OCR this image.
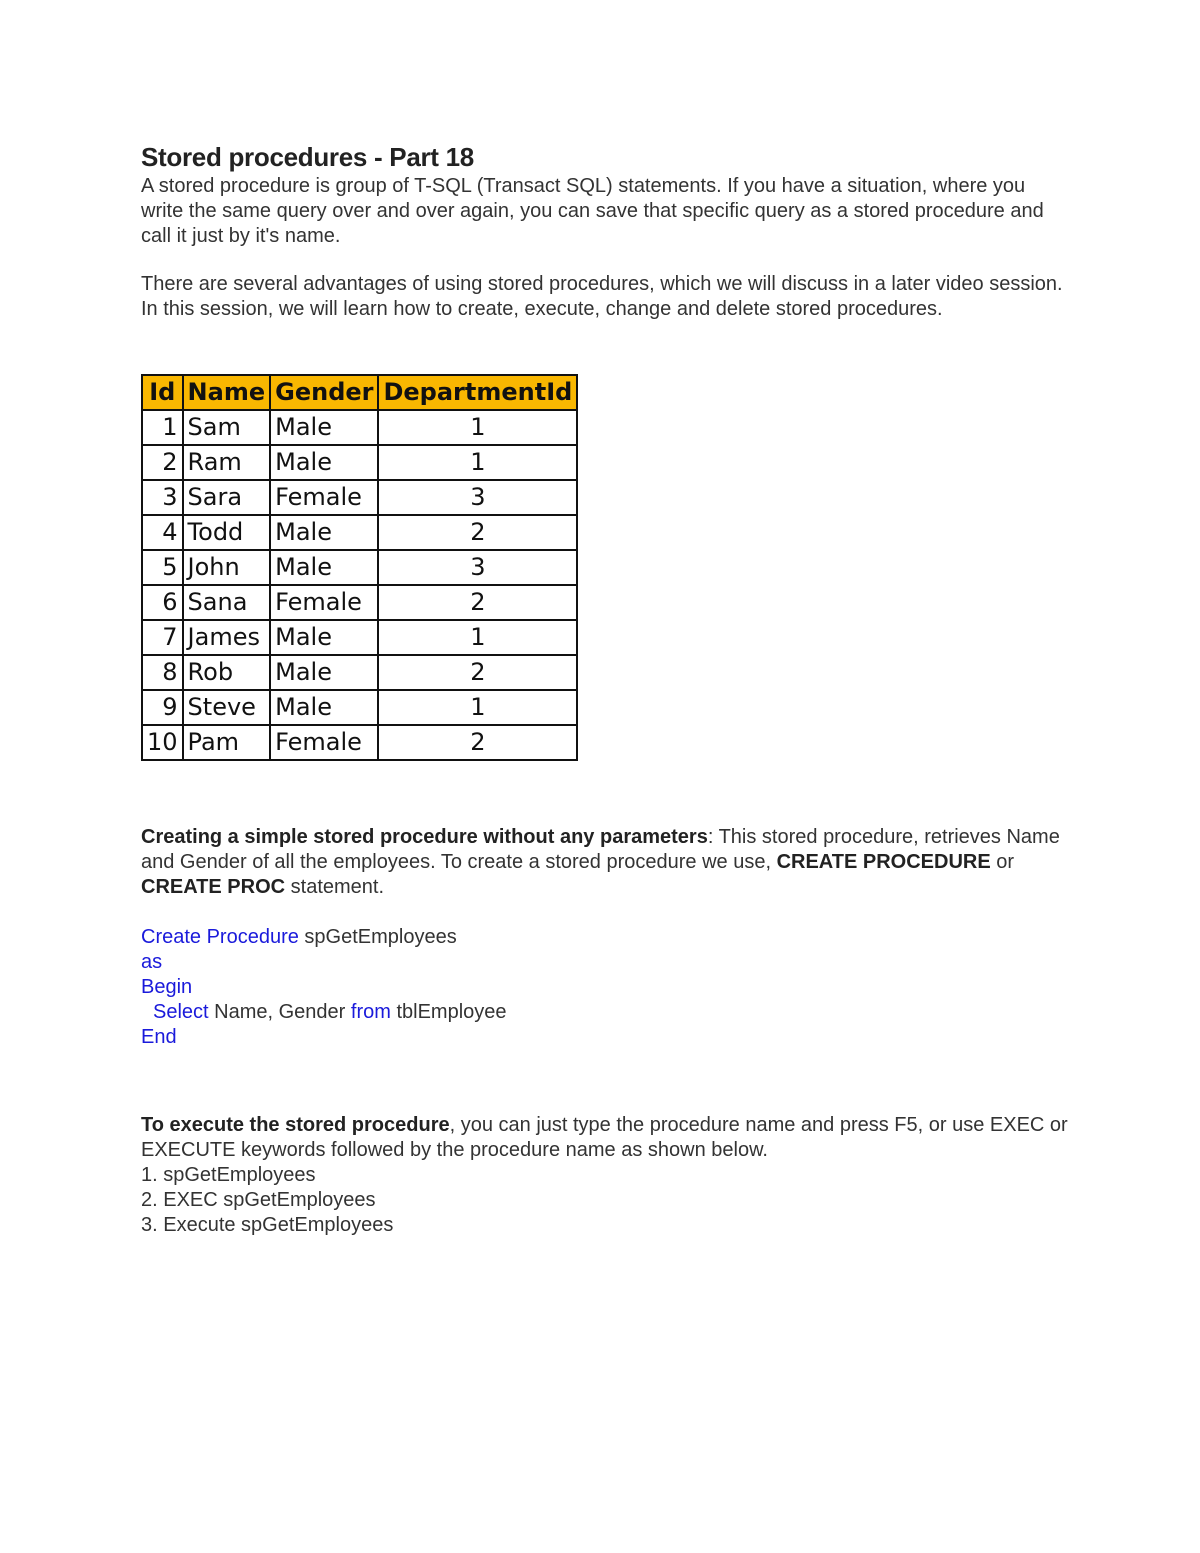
Stored procedures - Part 18

A stored procedure is group of T-SQL (Transact SQL) statements. If you have a situation, where you write the same query over and over again, you can save that specific query as a stored procedure and call it just by it's name.

There are several advantages of using stored procedures, which we will discuss in a later video session. In this session, we will learn how to create, execute, change and delete stored procedures.

Id	Name	Gender	DepartmentId
1	Sam	Male	1
2	Ram	Male	1
3	Sara	Female	3
4	Todd	Male	2
5	John	Male	3
6	Sana	Female	2
7	James	Male	1
8	Rob	Male	2
9	Steve	Male	1
10	Pam	Female	2

Creating a simple stored procedure without any parameters: This stored procedure, retrieves Name and Gender of all the employees. To create a stored procedure we use, CREATE PROCEDURE or CREATE PROC statement.

Create Procedure spGetEmployees

as

Begin

Select Name, Gender from tblEmployee

End

To execute the stored procedure, you can just type the procedure name and press F5, or use EXEC or EXECUTE keywords followed by the procedure name as shown below.

1. spGetEmployees

2. EXEC spGetEmployees

3. Execute spGetEmployees
